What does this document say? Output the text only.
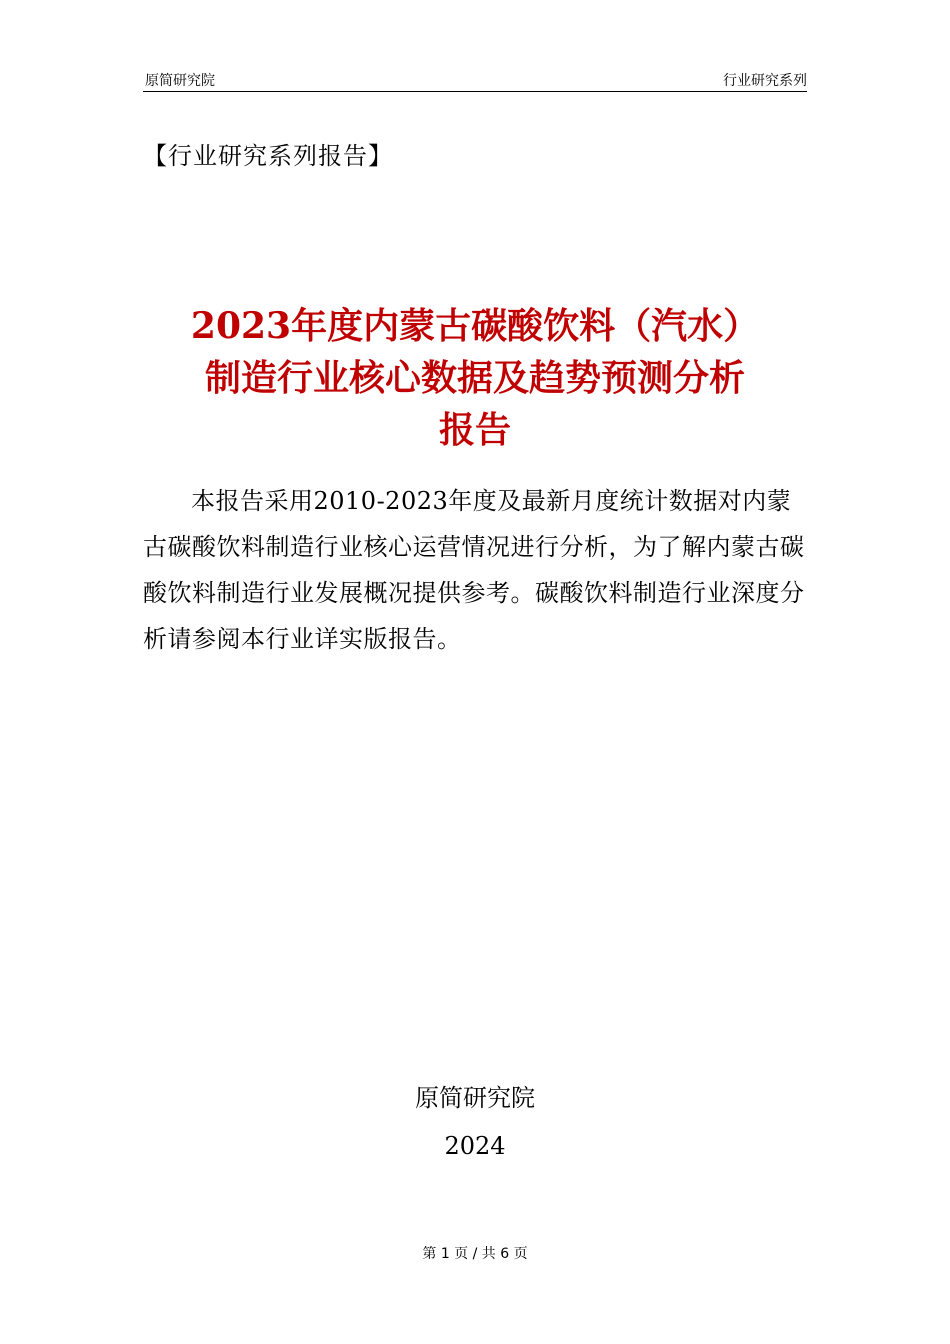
原简研究院	行业研究系列
【行业研究系列报告】
2023年度内蒙古碳酸饮料（汽水）
制造行业核心数据及趋势预测分析
报告
本报告采用2010-2023年度及最新月度统计数据对内蒙古碳酸饮料制造行业核心运营情况进行分析，为了解内蒙古碳酸饮料制造行业发展概况提供参考。碳酸饮料制造行业深度分析请参阅本行业详实版报告。
原简研究院
2024
第 1 页 / 共 6 页
